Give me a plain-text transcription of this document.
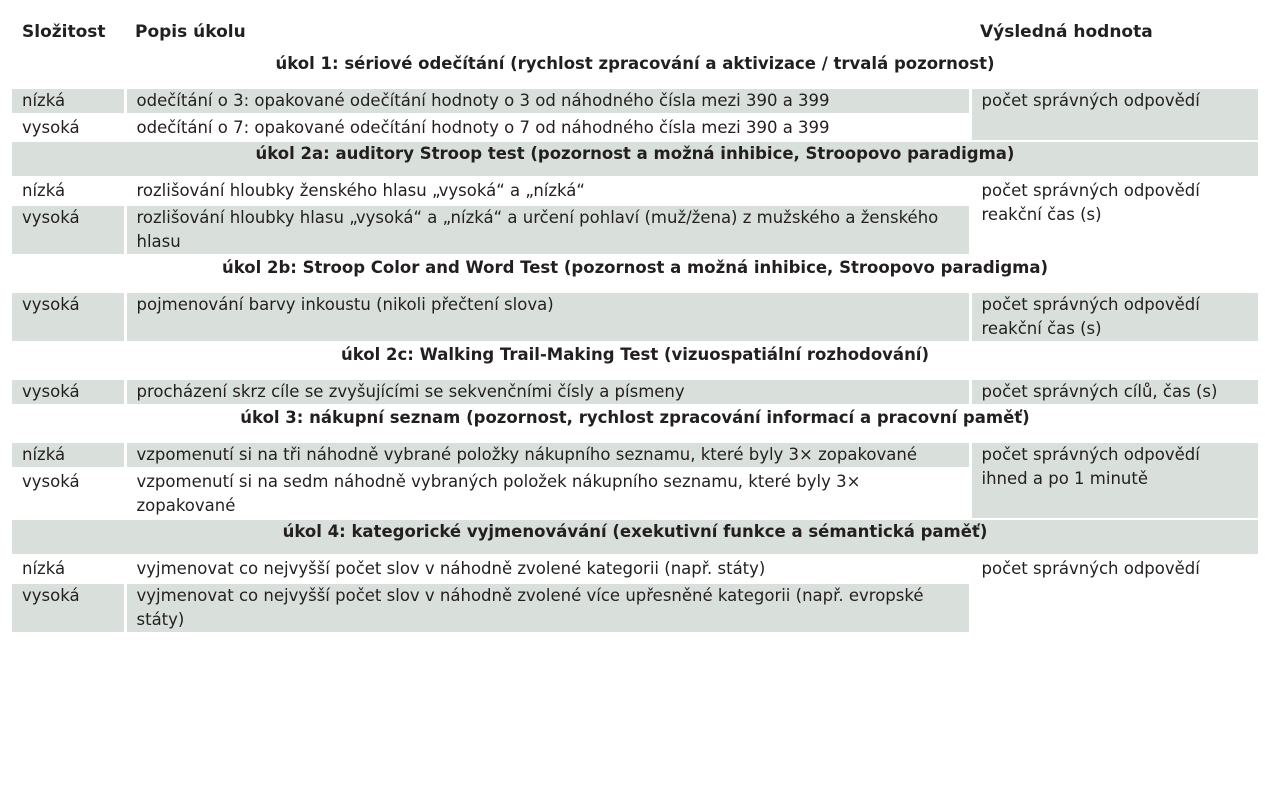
Složitost	Popis úkolu	Výsledná hodnota
úkol 1: sériové odečítání (rychlost zpracování a aktivizace / trvalá pozornost)		
nízká	odečítání o 3: opakované odečítání hodnoty o 3 od náhodného čísla mezi 390 a 399	počet správných odpovědí

vysoká	odečítání o 7: opakované odečítání hodnoty o 7 od náhodného čísla mezi 390 a 399	
úkol 2a: auditory Stroop test (pozornost a možná inhibice, Stroopovo paradigma)		
nízká	rozlišování hloubky ženského hlasu „vysoká“ a „nízká“	počet správných odpovědí
reakční čas (s)

vysoká	rozlišování hloubky hlasu „vysoká“ a „nízká“ a určení pohlaví (muž/žena) z mužského a ženského hlasu	
úkol 2b: Stroop Color and Word Test (pozornost a možná inhibice, Stroopovo paradigma)		
vysoká	pojmenování barvy inkoustu (nikoli přečtení slova)	počet správných odpovědí
reakční čas (s)

úkol 2c: Walking Trail-Making Test (vizuospatiální rozhodování)		
vysoká	procházení skrz cíle se zvyšujícími se sekvenčními čísly a písmeny	počet správných cílů, čas (s)

úkol 3: nákupní seznam (pozornost, rychlost zpracování informací a pracovní paměť)		
nízká	vzpomenutí si na tři náhodně vybrané položky nákupního seznamu, které byly 3× zopakované	počet správných odpovědí
ihned a po 1 minutě

vysoká	vzpomenutí si na sedm náhodně vybraných položek nákupního seznamu, které byly 3× zopakované	
úkol 4: kategorické vyjmenovávání (exekutivní funkce a sémantická paměť)		
nízká	vyjmenovat co nejvyšší počet slov v náhodně zvolené kategorii (např. státy)	počet správných odpovědí

vysoká	vyjmenovat co nejvyšší počet slov v náhodně zvolené více upřesněné kategorii (např. evropské státy)	
